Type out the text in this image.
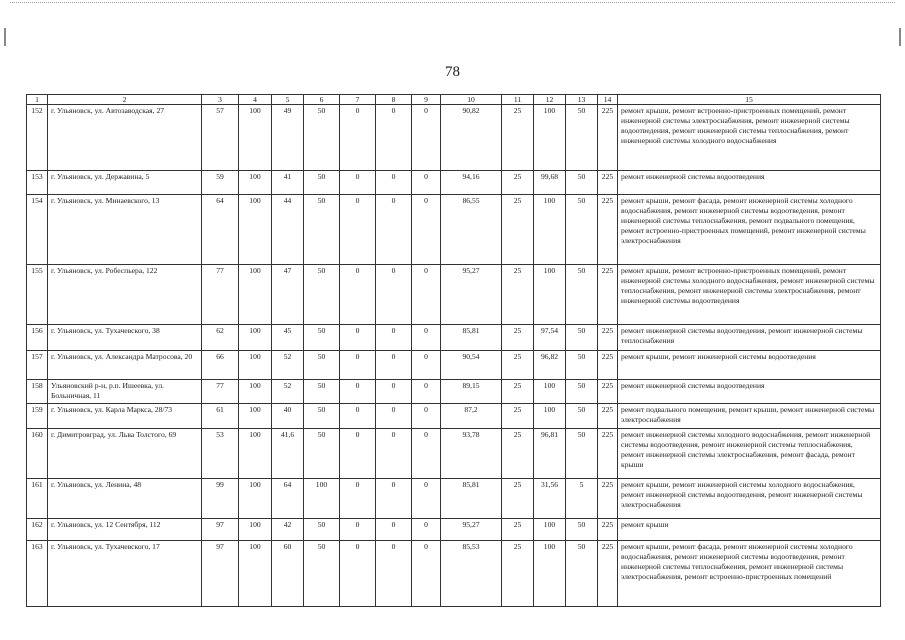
78
1	2	3	4	5	6	7	8	9	10	11	12	13	14	15
152	г. Ульяновск, ул. Автозаводская, 27	57	100	49	50	0	0	0	90,82	25	100	50	225	ремонт крыши, ремонт встроенно-пристроенных помещений, ремонт инженерной системы электроснабжения, ремонт инженерной системы водоотведения, ремонт инженерной системы теплоснабжения, ремонт инженерной системы холодного водоснабжения
153	г. Ульяновск, ул. Державина, 5	59	100	41	50	0	0	0	94,16	25	99,68	50	225	ремонт инженерной системы водоотведения
154	г. Ульяновск, ул. Минаевского, 13	64	100	44	50	0	0	0	86,55	25	100	50	225	ремонт крыши, ремонт фасада, ремонт инженерной системы холодного водоснабжения, ремонт инженерной системы водоотведения, ремонт инженерной системы теплоснабжения, ремонт подвального помещения, ремонт встроенно-пристроенных помещений, ремонт инженерной системы электроснабжения
155	г. Ульяновск, ул. Робеспьера, 122	77	100	47	50	0	0	0	95,27	25	100	50	225	ремонт крыши, ремонт встроенно-пристроенных помещений, ремонт инженерной системы холодного водоснабжения, ремонт инженерной системы теплоснабжения, ремонт инженерной системы электроснабжения, ремонт инженерной системы водоотведения
156	г. Ульяновск, ул. Тухачевского, 38	62	100	45	50	0	0	0	85,81	25	97,54	50	225	ремонт инженерной системы водоотведения, ремонт инженерной системы теплоснабжения
157	г. Ульяновск, ул. Александра Матросова, 20	66	100	52	50	0	0	0	90,54	25	96,82	50	225	ремонт крыши, ремонт инженерной системы водоотведения
158	Ульяновский р-н, р.п. Ишеевка, ул. Больничная, 11	77	100	52	50	0	0	0	89,15	25	100	50	225	ремонт инженерной системы водоотведения
159	г. Ульяновск, ул. Карла Маркса, 28/73	61	100	40	50	0	0	0	87,2	25	100	50	225	ремонт подвального помещения, ремонт крыши, ремонт инженерной системы электроснабжения
160	г. Димитровград, ул. Льва Толстого, 69	53	100	41,6	50	0	0	0	93,78	25	96,81	50	225	ремонт инженерной системы холодного водоснабжения, ремонт инженерной системы водоотведения, ремонт инженерной системы теплоснабжения, ремонт инженерной системы электроснабжения, ремонт фасада, ремонт крыши
161	г. Ульяновск, ул. Ленина, 48	99	100	64	100	0	0	0	85,81	25	31,56	5	225	ремонт крыши, ремонт инженерной системы холодного водоснабжения, ремонт инженерной системы водоотведения, ремонт инженерной системы электроснабжения
162	г. Ульяновск, ул. 12 Сентября, 112	97	100	42	50	0	0	0	95,27	25	100	50	225	ремонт крыши
163	г. Ульяновск, ул. Тухачевского, 17	97	100	60	50	0	0	0	85,53	25	100	50	225	ремонт крыши, ремонт фасада, ремонт инженерной системы холодного водоснабжения, ремонт инженерной системы водоотведения, ремонт инженерной системы теплоснабжения, ремонт инженерной системы электроснабжения, ремонт встроенно-пристроенных помещений
